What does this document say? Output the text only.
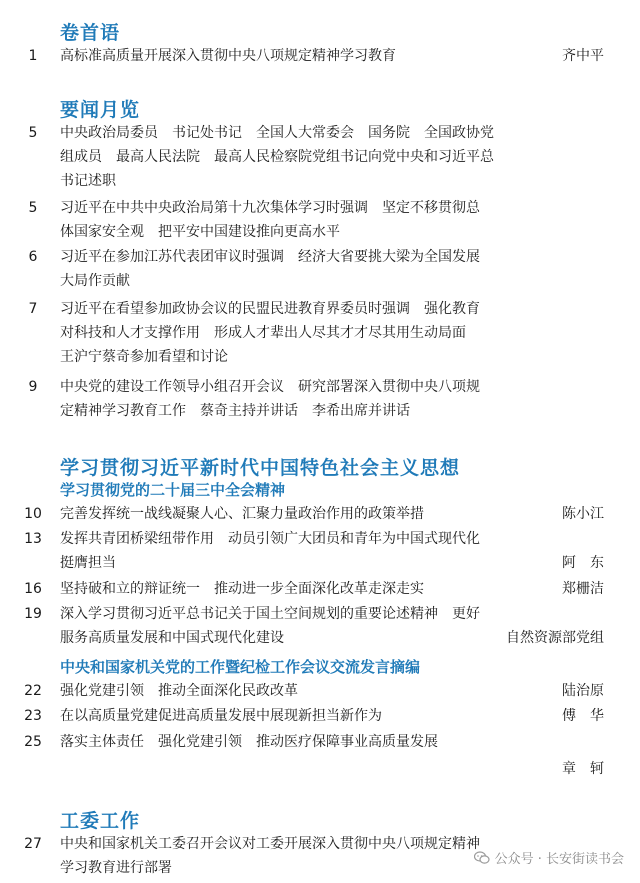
卷首语
要闻月览
学习贯彻习近平新时代中国特色社会主义思想
学习贯彻党的二十届三中全会精神
中央和国家机关党的工作暨纪检工作会议交流发言摘编
工委工作
1	高标准高质量开展深入贯彻中央八项规定精神学习教育	齐中平
5	中央政治局委员　书记处书记　全国人大常委会　国务院　全国政协党
组成员　最高人民法院　最高人民检察院党组书记向党中央和习近平总
书记述职
5	习近平在中共中央政治局第十九次集体学习时强调　坚定不移贯彻总
体国家安全观　把平安中国建设推向更高水平
6	习近平在参加江苏代表团审议时强调　经济大省要挑大梁为全国发展
大局作贡献
7	习近平在看望参加政协会议的民盟民进教育界委员时强调　强化教育
对科技和人才支撑作用　形成人才辈出人尽其才才尽其用生动局面
王沪宁蔡奇参加看望和讨论
9	中央党的建设工作领导小组召开会议　研究部署深入贯彻中央八项规
定精神学习教育工作　蔡奇主持并讲话　李希出席并讲话
10	完善发挥统一战线凝聚人心、汇聚力量政治作用的政策举措	陈小江
13	发挥共青团桥梁纽带作用　动员引领广大团员和青年为中国式现代化
挺膺担当	阿　东
16	坚持破和立的辩证统一　推动进一步全面深化改革走深走实	郑栅洁
19	深入学习贯彻习近平总书记关于国土空间规划的重要论述精神　更好
服务高质量发展和中国式现代化建设	自然资源部党组
22	强化党建引领　推动全面深化民政改革	陆治原
23	在以高质量党建促进高质量发展中展现新担当新作为	傅　华
25	落实主体责任　强化党建引领　推动医疗保障事业高质量发展
章　轲
27	中央和国家机关工委召开会议对工委开展深入贯彻中央八项规定精神
学习教育进行部署
公众号 · 长安街读书会
